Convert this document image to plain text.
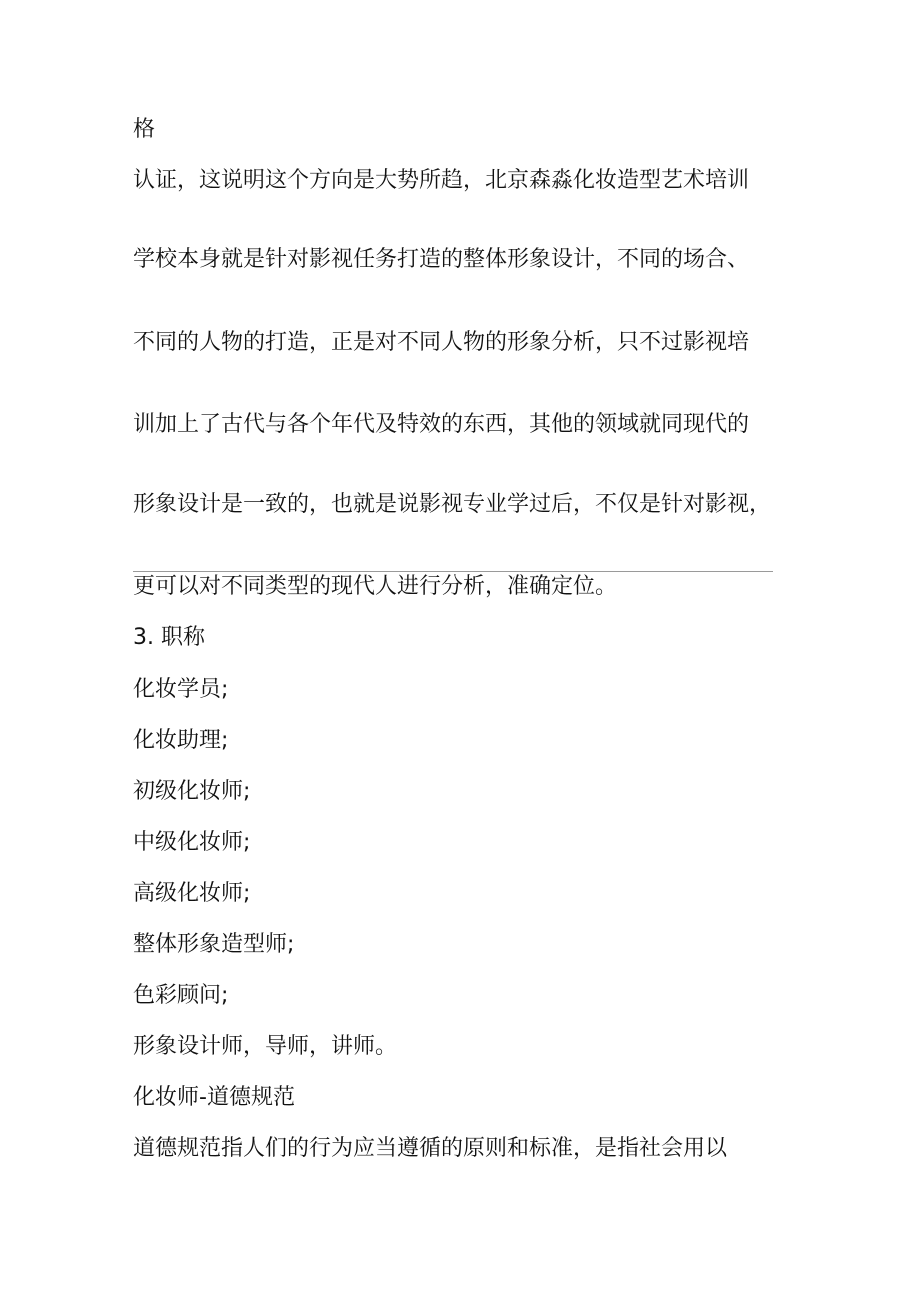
格
认证，这说明这个方向是大势所趋，北京森淼化妆造型艺术培训
学校本身就是针对影视任务打造的整体形象设计，不同的场合、
不同的人物的打造，正是对不同人物的形象分析，只不过影视培
训加上了古代与各个年代及特效的东西，其他的领域就同现代的
形象设计是一致的，也就是说影视专业学过后，不仅是针对影视，
更可以对不同类型的现代人进行分析，准确定位。
3. 职称
化妆学员;
化妆助理;
初级化妆师;
中级化妆师;
高级化妆师;
整体形象造型师;
色彩顾问;
形象设计师，导师，讲师。
化妆师-道德规范
道德规范指人们的行为应当遵循的原则和标准，是指社会用以
